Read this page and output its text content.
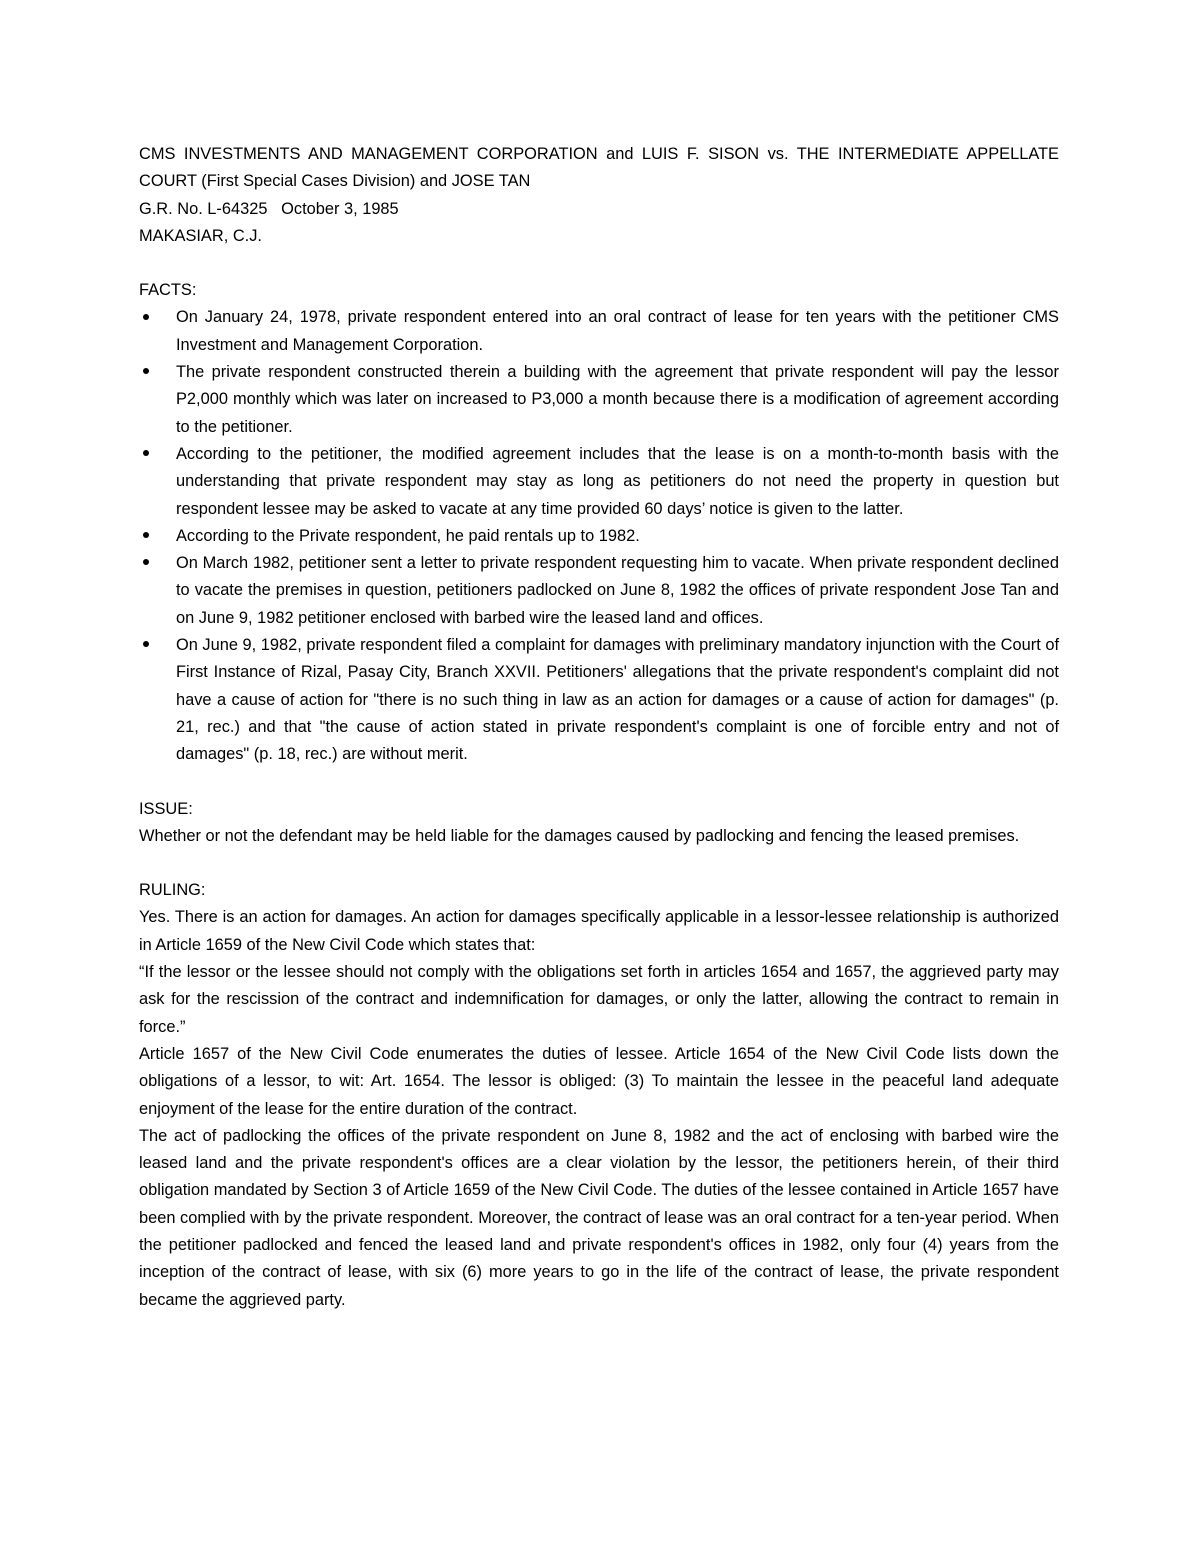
CMS INVESTMENTS AND MANAGEMENT CORPORATION and LUIS F. SISON vs. THE INTERMEDIATE APPELLATE COURT (First Special Cases Division) and JOSE TAN

G.R. No. L-64325   October 3, 1985

MAKASIAR, C.J.

FACTS:

On January 24, 1978, private respondent entered into an oral contract of lease for ten years with the petitioner CMS Investment and Management Corporation.
The private respondent constructed therein a building with the agreement that private respondent will pay the lessor P2,000 monthly which was later on increased to P3,000 a month because there is a modification of agreement according to the petitioner.
According to the petitioner, the modified agreement includes that the lease is on a month-to-month basis with the understanding that private respondent may stay as long as petitioners do not need the property in question but respondent lessee may be asked to vacate at any time provided 60 days’ notice is given to the latter.
According to the Private respondent, he paid rentals up to 1982.
On March 1982, petitioner sent a letter to private respondent requesting him to vacate. When private respondent declined to vacate the premises in question, petitioners padlocked on June 8, 1982 the offices of private respondent Jose Tan and on June 9, 1982 petitioner enclosed with barbed wire the leased land and offices.
On June 9, 1982, private respondent filed a complaint for damages with preliminary mandatory injunction with the Court of First Instance of Rizal, Pasay City, Branch XXVII. Petitioners' allegations that the private respondent's complaint did not have a cause of action for "there is no such thing in law as an action for damages or a cause of action for damages" (p. 21, rec.) and that "the cause of action stated in private respondent's complaint is one of forcible entry and not of damages" (p. 18, rec.) are without merit.

ISSUE:

Whether or not the defendant may be held liable for the damages caused by padlocking and fencing the leased premises.

RULING:

Yes. There is an action for damages. An action for damages specifically applicable in a lessor-lessee relationship is authorized in Article 1659 of the New Civil Code which states that:

“If the lessor or the lessee should not comply with the obligations set forth in articles 1654 and 1657, the aggrieved party may ask for the rescission of the contract and indemnification for damages, or only the latter, allowing the contract to remain in force.”

Article 1657 of the New Civil Code enumerates the duties of lessee. Article 1654 of the New Civil Code lists down the obligations of a lessor, to wit: Art. 1654. The lessor is obliged: (3) To maintain the lessee in the peaceful land adequate enjoyment of the lease for the entire duration of the contract.

The act of padlocking the offices of the private respondent on June 8, 1982 and the act of enclosing with barbed wire the leased land and the private respondent's offices are a clear violation by the lessor, the petitioners herein, of their third obligation mandated by Section 3 of Article 1659 of the New Civil Code. The duties of the lessee contained in Article 1657 have been complied with by the private respondent. Moreover, the contract of lease was an oral contract for a ten-year period. When the petitioner padlocked and fenced the leased land and private respondent's offices in 1982, only four (4) years from the inception of the contract of lease, with six (6) more years to go in the life of the contract of lease, the private respondent became the aggrieved party.
